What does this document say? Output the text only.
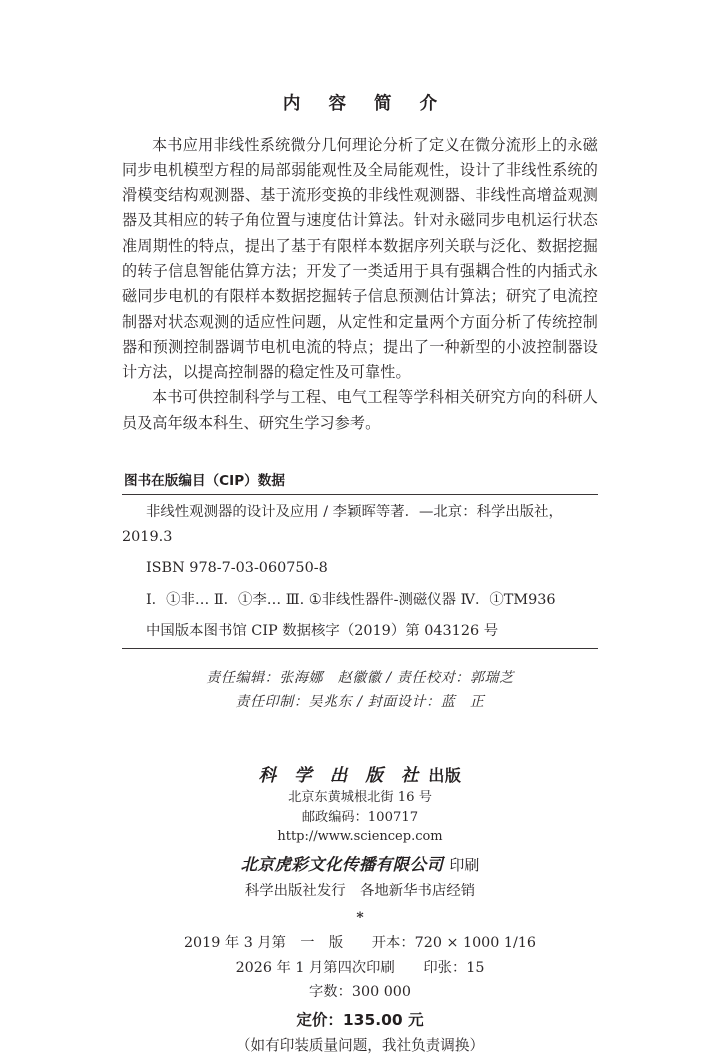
内 容 简 介

本书应用非线性系统微分几何理论分析了定义在微分流形上的永磁同步电机模型方程的局部弱能观性及全局能观性，设计了非线性系统的滑模变结构观测器、基于流形变换的非线性观测器、非线性高增益观测器及其相应的转子角位置与速度估计算法。针对永磁同步电机运行状态准周期性的特点，提出了基于有限样本数据序列关联与泛化、数据挖掘的转子信息智能估算方法；开发了一类适用于具有强耦合性的内插式永磁同步电机的有限样本数据挖掘转子信息预测估计算法；研究了电流控制器对状态观测的适应性问题，从定性和定量两个方面分析了传统控制器和预测控制器调节电机电流的特点；提出了一种新型的小波控制器设计方法，以提高控制器的稳定性及可靠性。

本书可供控制科学与工程、电气工程等学科相关研究方向的科研人员及高年级本科生、研究生学习参考。

图书在版编目（CIP）数据
非线性观测器的设计及应用 / 李颖晖等著．—北京：科学出版社，
2019.3
ISBN 978-7-03-060750-8
Ⅰ．①非… Ⅱ．①李… Ⅲ. ①非线性器件-测磁仪器 Ⅳ．①TM936
中国版本图书馆 CIP 数据核字（2019）第 043126 号
责任编辑：张海娜　赵徽徽 / 责任校对：郭瑞芝
责任印制：吴兆东 / 封面设计：蓝　正
科 学 出 版 社 出版
北京东黄城根北街 16 号
邮政编码：100717
http://www.sciencep.com
北京虎彩文化传播有限公司 印刷
科学出版社发行　各地新华书店经销
*
2019 年 3 月第　一　版　　开本：720 × 1000 1/16
2026 年 1 月第四次印刷　　印张：15
字数：300 000
定价：135.00 元
（如有印装质量问题，我社负责调换）
